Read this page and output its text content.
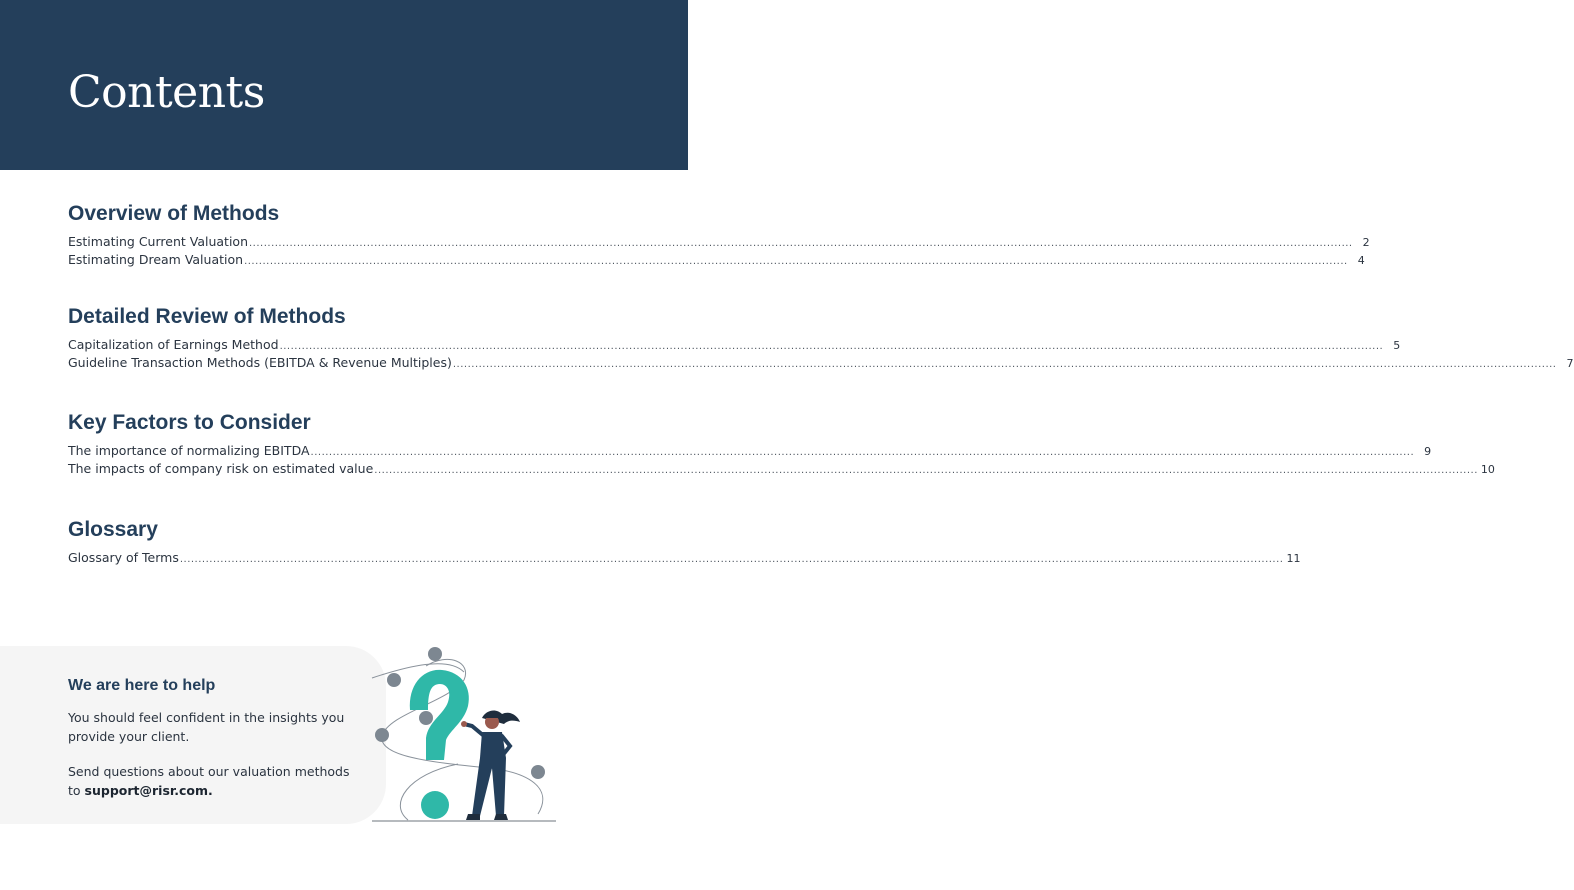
Contents
Overview of Methods
Estimating Current Valuation ............................................................................................................................................................................................................................................................................................................ 2
Estimating Dream Valuation ............................................................................................................................................................................................................................................................................................................ 4
Detailed Review of Methods
Capitalization of Earnings Method ............................................................................................................................................................................................................................................................................................................ 5
Guideline Transaction Methods (EBITDA & Revenue Multiples) ............................................................................................................................................................................................................................................................................................................ 7
Key Factors to Consider
The importance of normalizing EBITDA ............................................................................................................................................................................................................................................................................................................ 9
The impacts of company risk on estimated value ............................................................................................................................................................................................................................................................................................................ 10
Glossary
Glossary of Terms ............................................................................................................................................................................................................................................................................................................ 11
We are here to help

You should feel confident in the insights you provide your client.

Send questions about our valuation methods to support@risr.com.
